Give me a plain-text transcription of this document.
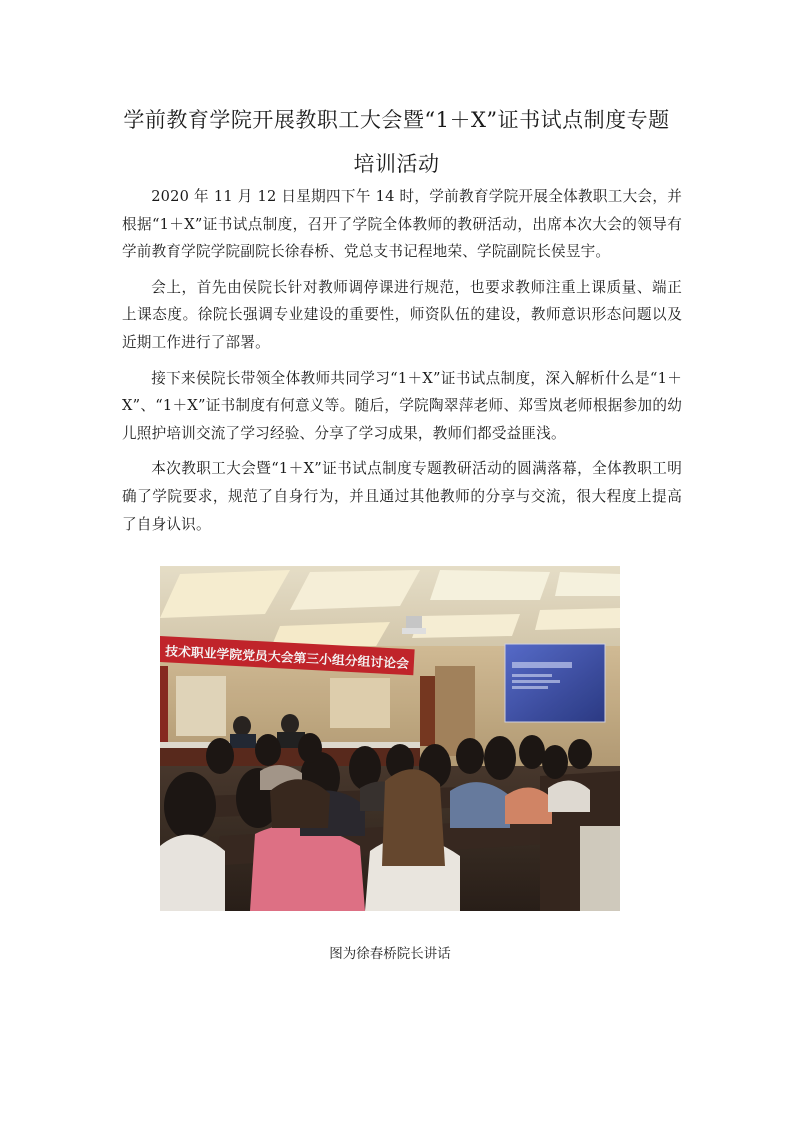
学前教育学院开展教职工大会暨“1＋X”证书试点制度专题
培训活动

2020 年 11 月 12 日星期四下午 14 时，学前教育学院开展全体教职工大会，并根据“1＋X”证书试点制度，召开了学院全体教师的教研活动，出席本次大会的领导有学前教育学院学院副院长徐春桥、党总支书记程地荣、学院副院长侯昱宇。

会上，首先由侯院长针对教师调停课进行规范，也要求教师注重上课质量、端正上课态度。徐院长强调专业建设的重要性，师资队伍的建设，教师意识形态问题以及近期工作进行了部署。

接下来侯院长带领全体教师共同学习“1＋X”证书试点制度，深入解析什么是“1＋X”、“1＋X”证书制度有何意义等。随后，学院陶翠萍老师、郑雪岚老师根据参加的幼儿照护培训交流了学习经验、分享了学习成果，教师们都受益匪浅。

本次教职工大会暨“1＋X”证书试点制度专题教研活动的圆满落幕，全体教职工明确了学院要求，规范了自身行为，并且通过其他教师的分享与交流，很大程度上提高了自身认识。

技术职业学院党员大会第三小组分组讨论会
图为徐春桥院长讲话
